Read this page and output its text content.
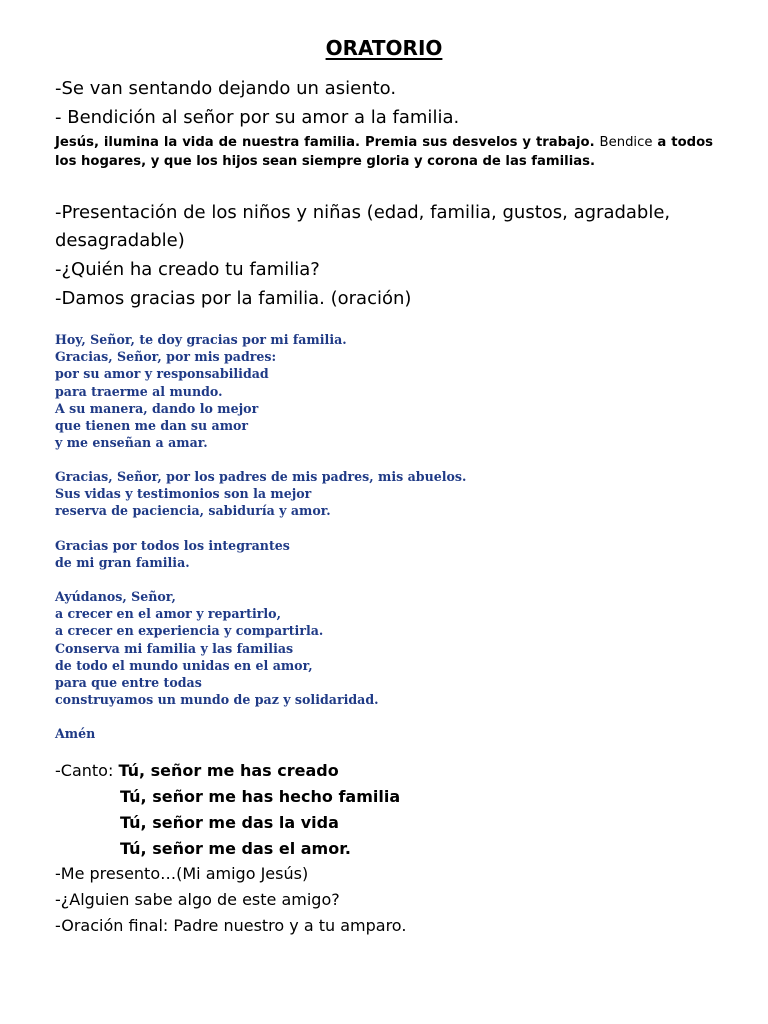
ORATORIO

-Se van sentando dejando un asiento.

- Bendición al señor por su amor a la familia.

Jesús, ilumina la vida de nuestra familia. Premia sus desvelos y trabajo. Bendice a todos los hogares, y que los hijos sean siempre gloria y corona de las familias.

-Presentación de los niños y niñas (edad, familia, gustos, agradable,

desagradable)

-¿Quién ha creado tu familia?

-Damos gracias por la familia. (oración)

Hoy, Señor, te doy gracias por mi familia.
Gracias, Señor, por mis padres:
por su amor y responsabilidad
para traerme al mundo.
A su manera, dando lo mejor
que tienen me dan su amor
y me enseñan a amar.
Gracias, Señor, por los padres de mis padres, mis abuelos.
Sus vidas y testimonios son la mejor
reserva de paciencia, sabiduría y amor.
Gracias por todos los integrantes
de mi gran familia.
Ayúdanos, Señor,
a crecer en el amor y repartirlo,
a crecer en experiencia y compartirla.
Conserva mi familia y las familias
de todo el mundo unidas en el amor,
para que entre todas
construyamos un mundo de paz y solidaridad.
Amén

-Canto: Tú, señor me has creado

Tú, señor me has hecho familia

Tú, señor me das la vida

Tú, señor me das el amor.

-Me presento…(Mi amigo Jesús)

-¿Alguien sabe algo de este amigo?

-Oración final: Padre nuestro y a tu amparo.
